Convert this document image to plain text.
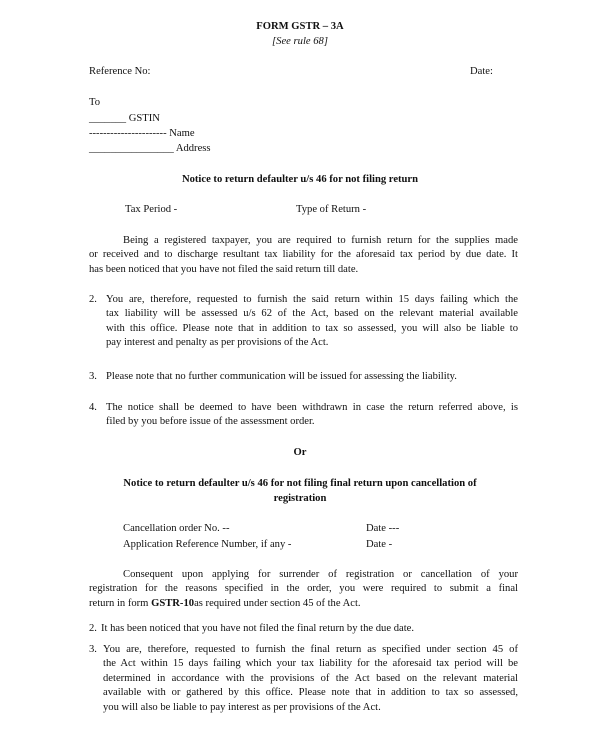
FORM GSTR – 3A
[See rule 68]
Reference No:	Date:
To
_______ GSTIN
---------------------- Name
________________ Address
Notice to return defaulter u/s 46 for not filing return
Tax Period -	Type of Return -
Being a registered taxpayer, you are required to furnish return for the supplies made
or received and to discharge resultant tax liability for the aforesaid tax period by due date. It
has been noticed that you have not filed the said return till date.
2. You are, therefore, requested to furnish the said return within 15 days failing which the
tax liability will be assessed u/s 62 of the Act, based on the relevant material available
with this office. Please note that in addition to tax so assessed, you will also be liable to
pay interest and penalty as per provisions of the Act.
3. Please note that no further communication will be issued for assessing the liability.
4. The notice shall be deemed to have been withdrawn in case the return referred above, is
filed by you before issue of the assessment order.
Or
Notice to return defaulter u/s 46 for not filing final return upon cancellation of
registration
Cancellation order No. --	Date ---
Application Reference Number, if any -	Date -
Consequent upon applying for surrender of registration or cancellation of your
registration for the reasons specified in the order, you were required to submit a final
return in form GSTR-10as required under section 45 of the Act.
2. It has been noticed that you have not filed the final return by the due date.
3. You are, therefore, requested to furnish the final return as specified under section 45 of
the Act within 15 days failing which your tax liability for the aforesaid tax period will be
determined in accordance with the provisions of the Act based on the relevant material
available with or gathered by this office. Please note that in addition to tax so assessed,
you will also be liable to pay interest as per provisions of the Act.
